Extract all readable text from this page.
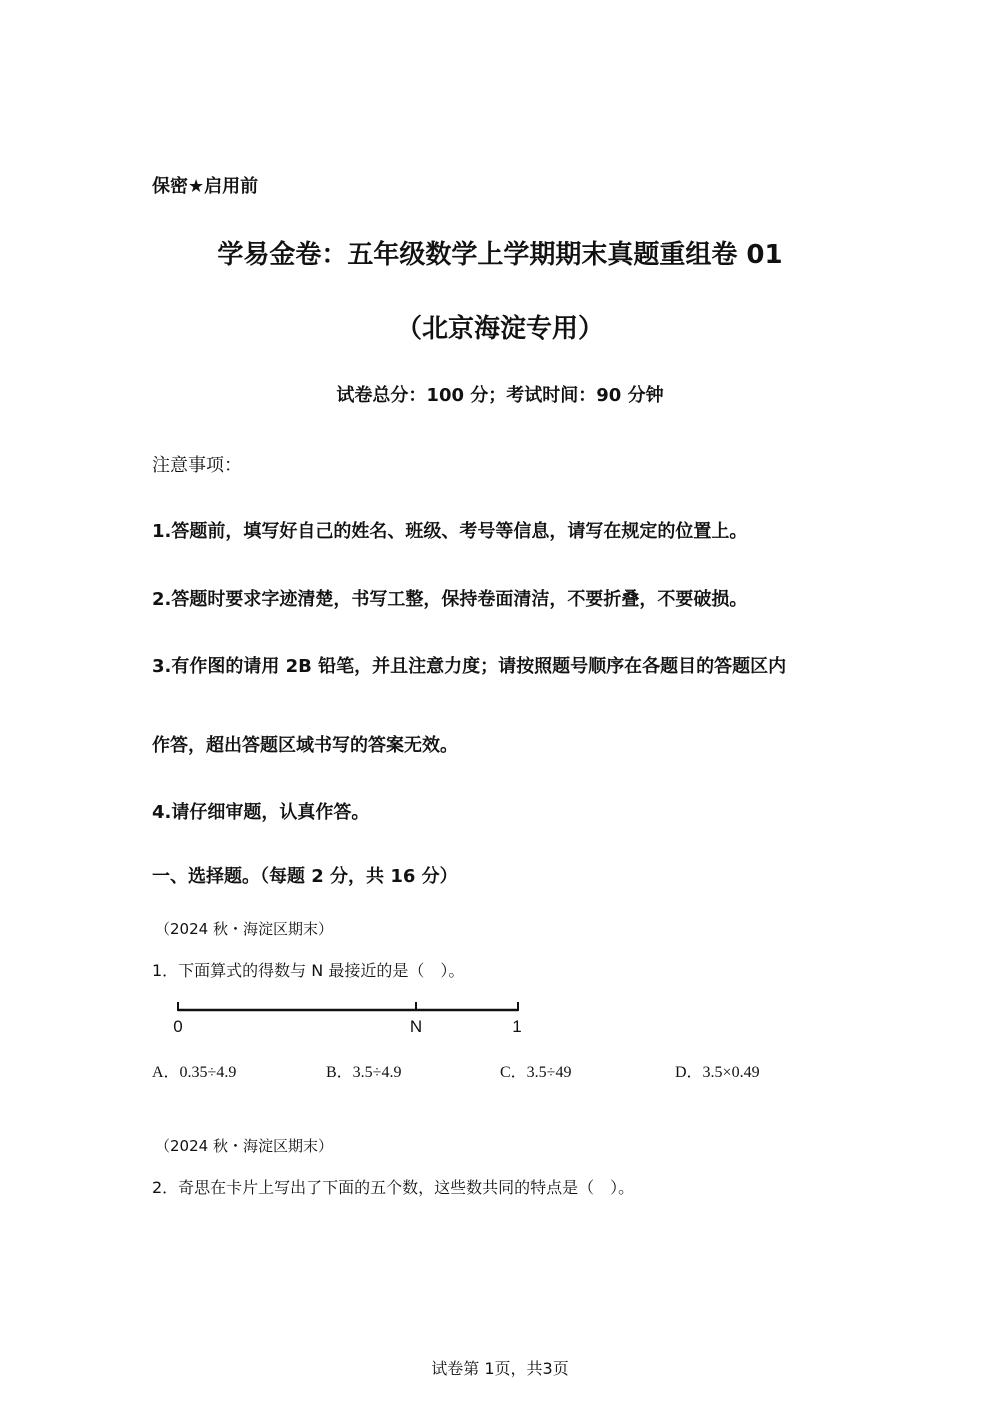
保密★启用前
学易金卷：五年级数学上学期期末真题重组卷 01
（北京海淀专用）
试卷总分：100 分；考试时间：90 分钟
注意事项：
1.答题前，填写好自己的姓名、班级、考号等信息，请写在规定的位置上。
2.答题时要求字迹清楚，书写工整，保持卷面清洁，不要折叠，不要破损。
3.有作图的请用 2B 铅笔，并且注意力度；请按照题号顺序在各题目的答题区内
作答，超出答题区域书写的答案无效。
4.请仔细审题，认真作答。
一、选择题。（每题 2 分，共 16 分）
（2024 秋・海淀区期末）
1．下面算式的得数与 N 最接近的是（　）。
0	N	1
A．0.35÷4.9	B．3.5÷4.9	C．3.5÷49	D．3.5×0.49
（2024 秋・海淀区期末）
2．奇思在卡片上写出了下面的五个数，这些数共同的特点是（　）。
试卷第 1页，共3页
